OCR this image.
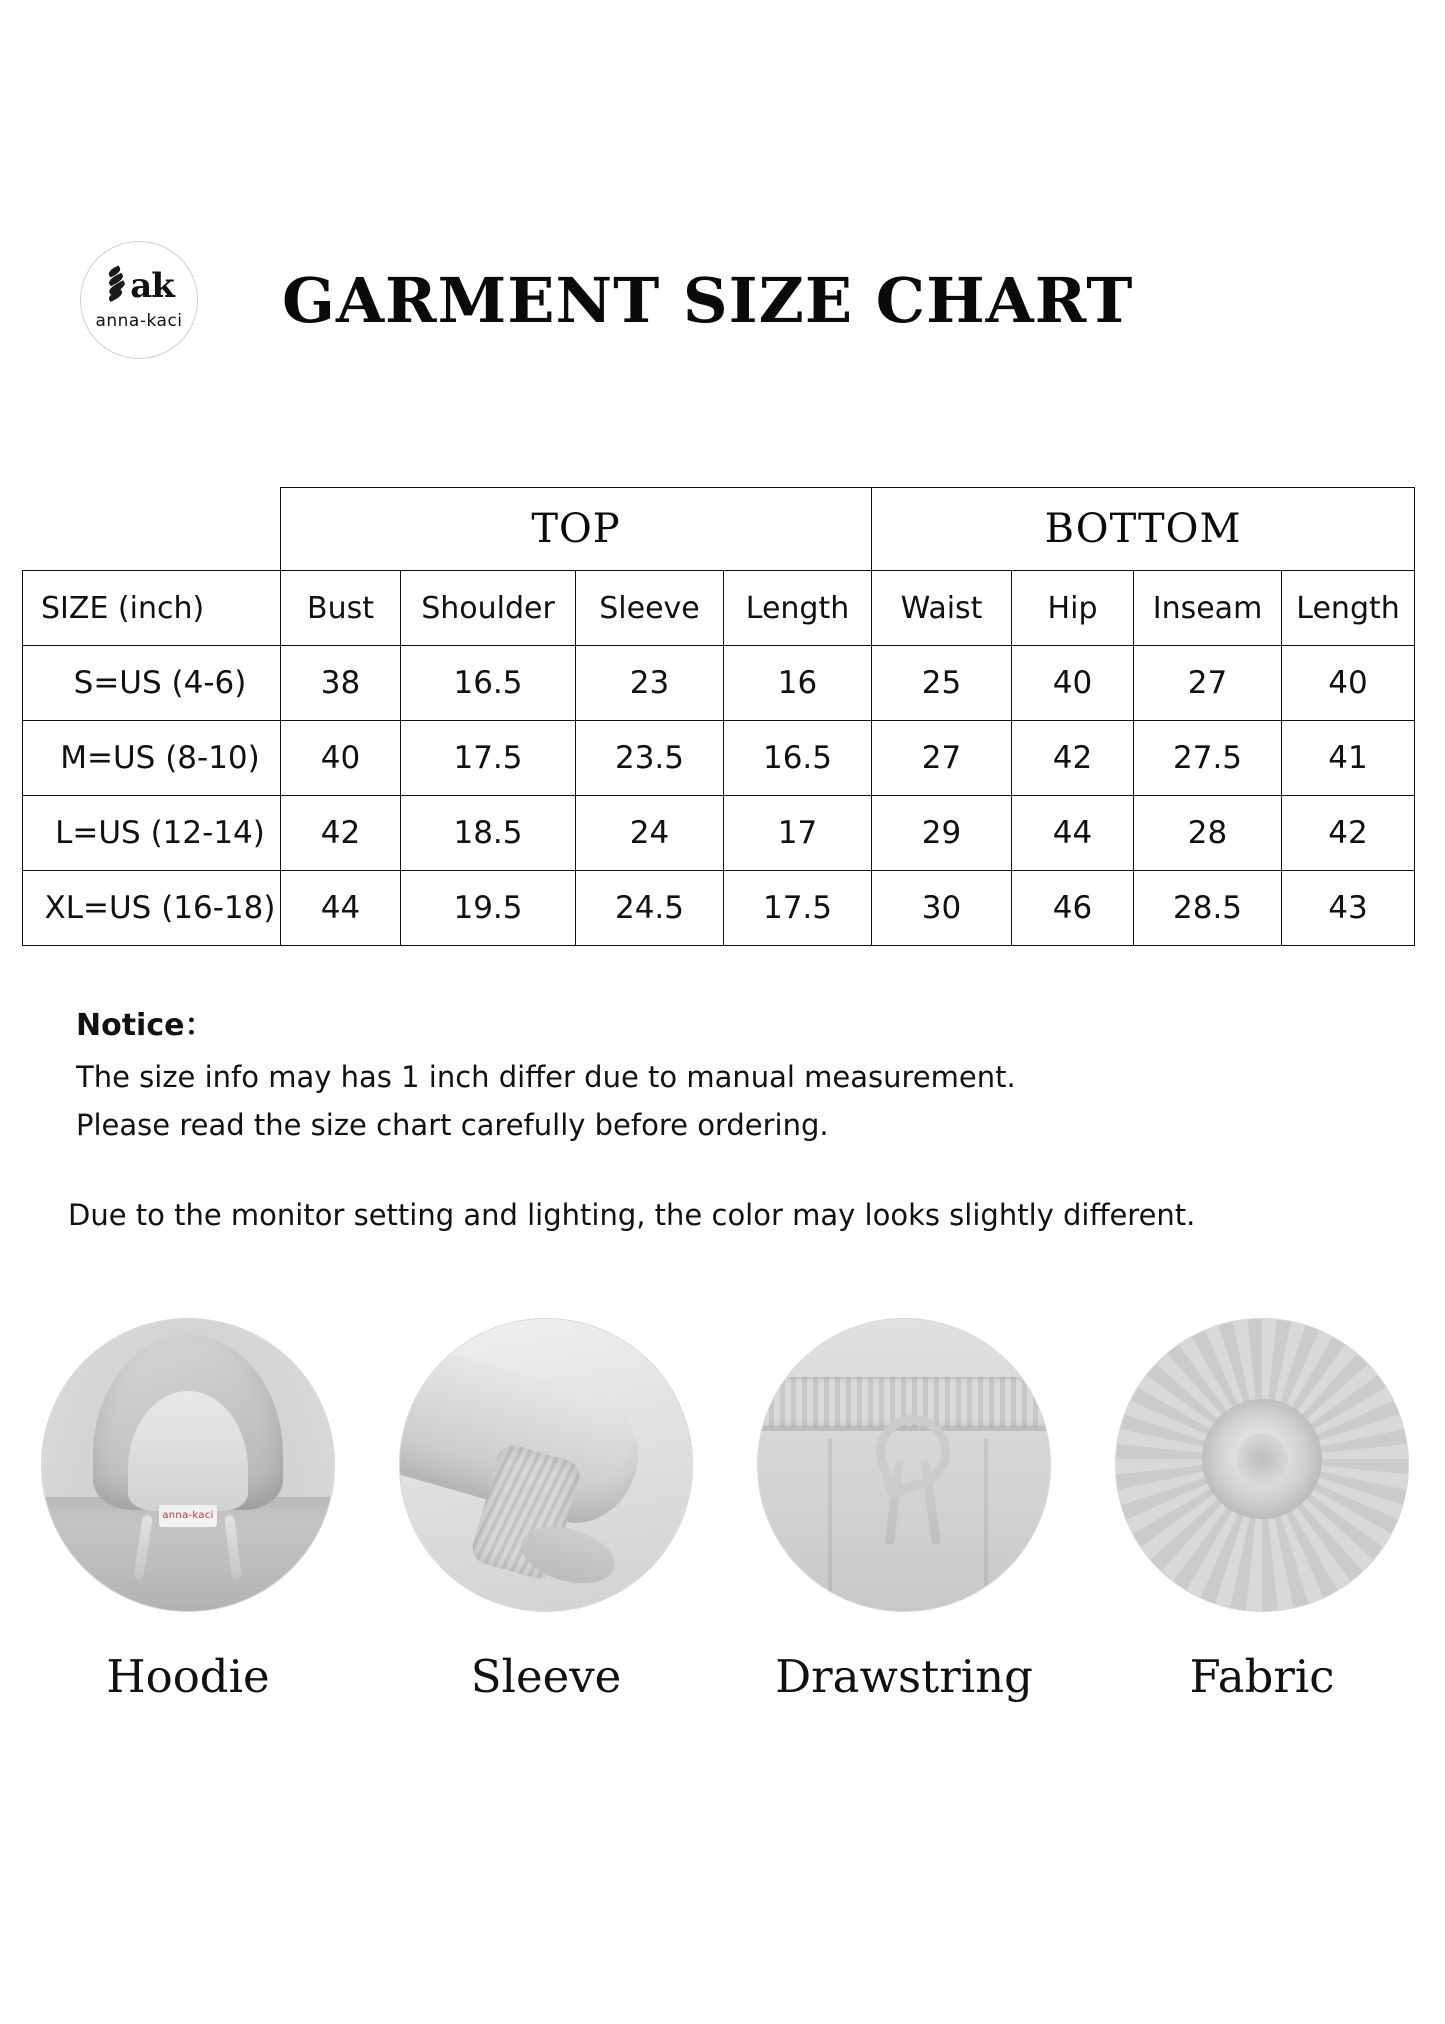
ak
anna-kaci GARMENT SIZE CHART
	TOP				BOTTOM			
SIZE (inch)	Bust	Shoulder	Sleeve	Length	Waist	Hip	Inseam	Length
S=US (4-6)	38	16.5	23	16	25	40	27	40
M=US (8-10)	40	17.5	23.5	16.5	27	42	27.5	41
L=US (12-14)	42	18.5	24	17	29	44	28	42
XL=US (16-18)	44	19.5	24.5	17.5	30	46	28.5	43
Notice：
The size info may has 1 inch differ due to manual measurement.
Please read the size chart carefully before ordering.
Due to the monitor setting and lighting, the color may looks slightly different.
anna-kaci
Hoodie	Sleeve	Drawstring	Fabric
